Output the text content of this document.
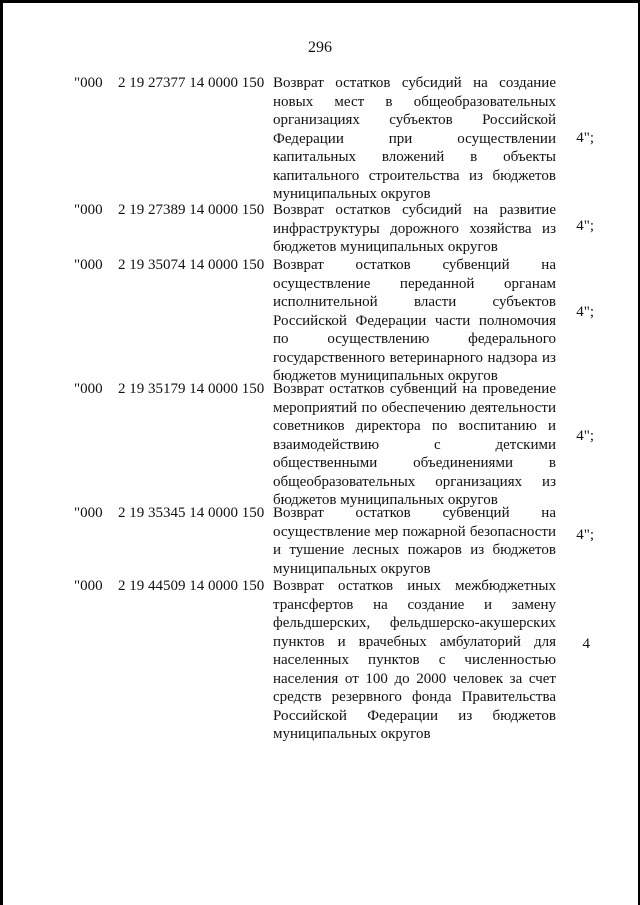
296
"000 2 19 27377 14 0000 150 Возврат остатков субсидий на создание
новых мест в общеобразовательных
организациях субъектов Российской
Федерации при осуществлении
капитальных вложений в объекты
капитального строительства из бюджетов
муниципальных округов
4";
"000 2 19 27389 14 0000 150 Возврат остатков субсидий на развитие
инфраструктуры дорожного хозяйства из
бюджетов муниципальных округов
4";
"000 2 19 35074 14 0000 150 Возврат остатков субвенций на
осуществление переданной органам
исполнительной власти субъектов
Российской Федерации части полномочия
по осуществлению федерального
государственного ветеринарного надзора из
бюджетов муниципальных округов
4";
"000 2 19 35179 14 0000 150 Возврат остатков субвенций на проведение
мероприятий по обеспечению деятельности
советников директора по воспитанию и
взаимодействию с детскими
общественными объединениями в
общеобразовательных организациях из
бюджетов муниципальных округов
4";
"000 2 19 35345 14 0000 150 Возврат остатков субвенций на
осуществление мер пожарной безопасности
и тушение лесных пожаров из бюджетов
муниципальных округов
4";
"000 2 19 44509 14 0000 150 Возврат остатков иных межбюджетных
трансфертов на создание и замену
фельдшерских, фельдшерско-акушерских
пунктов и врачебных амбулаторий для
населенных пунктов с численностью
населения от 100 до 2000 человек за счет
средств резервного фонда Правительства
Российской Федерации из бюджетов
муниципальных округов
4
